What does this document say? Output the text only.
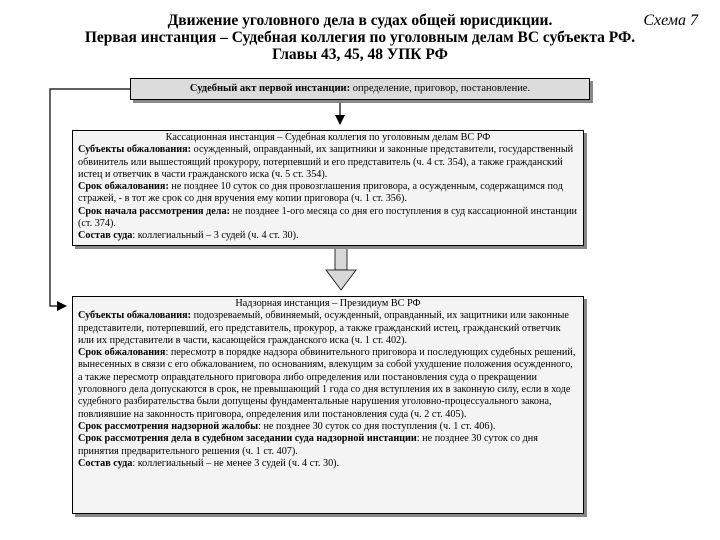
Движение уголовного дела в судах общей юрисдикции.	Схема 7
Первая инстанция – Судебная коллегия по уголовным делам ВС субъекта РФ.
Главы 43, 45, 48 УПК РФ
Судебный акт первой инстанции: определение, приговор, постановление.

Кассационная инстанция – Судебная коллегия по уголовным делам ВС РФ

Субъекты обжалования: осужденный, оправданный, их защитники и законные представители, государственный обвинитель или вышестоящий прокурору, потерпевший и его представитель (ч. 4 ст. 354), а также гражданский истец и ответчик в части гражданского иска (ч. 5 ст. 354).

Срок обжалования: не позднее 10 суток со дня провозглашения приговора, а осужденным, содержащимся под стражей, - в тот же срок со дня вручения ему копии приговора (ч. 1 ст. 356).

Срок начала рассмотрения дела: не позднее 1-ого месяца со дня его поступления в суд кассационной инстанции (ст. 374).

Состав суда: коллегиальный – 3 судей (ч. 4 ст. 30).

Надзорная инстанция – Президиум ВС РФ

Субъекты обжалования: подозреваемый, обвиняемый, осужденный, оправданный, их защитники или законные представители, потерпевший, его представитель, прокурор, а также гражданский истец, гражданский ответчик или их представители в части, касающейся гражданского иска (ч. 1 ст. 402).

Срок обжалования: пересмотр в порядке надзора обвинительного приговора и последующих судебных решений, вынесенных в связи с его обжалованием, по основаниям, влекущим за собой ухудшение положения осужденного, а также пересмотр оправдательного приговора либо определения или постановления суда о прекращении уголовного дела допускаются в срок, не превышающий 1 года со дня вступления их в законную силу, если в ходе судебного разбирательства были допущены фундаментальные нарушения уголовно-процессуального закона, повлиявшие на законность приговора, определения или постановления суда (ч. 2 ст. 405).

Срок рассмотрения надзорной жалобы: не позднее 30 суток со дня поступления (ч. 1 ст. 406).

Срок рассмотрения дела в судебном заседании суда надзорной инстанции: не позднее 30 суток со дня принятия предварительного решения (ч. 1 ст. 407).

Состав суда: коллегиальный – не менее 3 судей (ч. 4 ст. 30).
